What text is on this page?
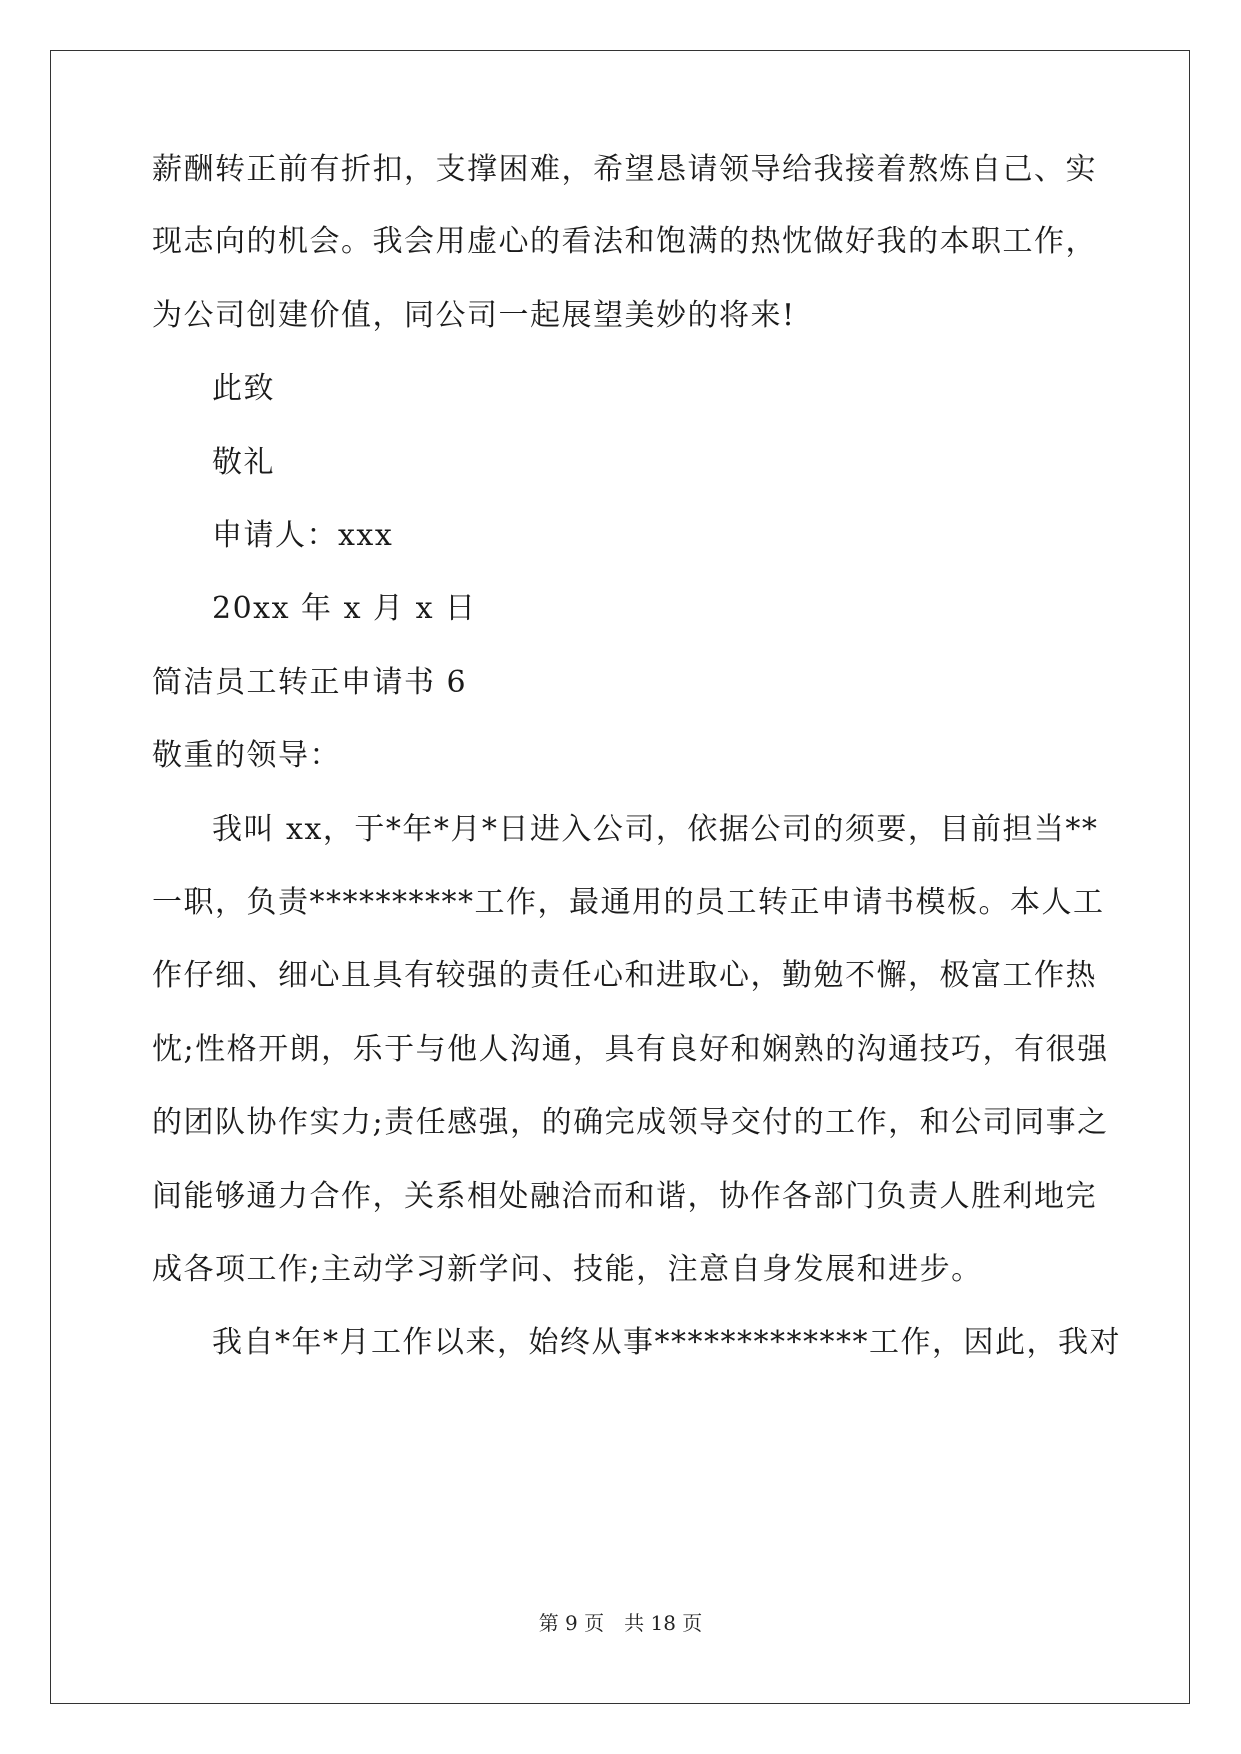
薪酬转正前有折扣，支撑困难，希望恳请领导给我接着熬炼自己、实
现志向的机会。我会用虚心的看法和饱满的热忱做好我的本职工作，
为公司创建价值，同公司一起展望美妙的将来!
此致
敬礼
申请人：xxx
20xx 年 x 月 x 日
简洁员工转正申请书 6
敬重的领导：
我叫 xx，于*年*月*日进入公司，依据公司的须要，目前担当**
一职，负责**********工作，最通用的员工转正申请书模板。本人工
作仔细、细心且具有较强的责任心和进取心，勤勉不懈，极富工作热
忱;性格开朗，乐于与他人沟通，具有良好和娴熟的沟通技巧，有很强
的团队协作实力;责任感强，的确完成领导交付的工作，和公司同事之
间能够通力合作，关系相处融洽而和谐，协作各部门负责人胜利地完
成各项工作;主动学习新学问、技能，注意自身发展和进步。
我自*年*月工作以来，始终从事*************工作，因此，我对
第 9 页　共 18 页
